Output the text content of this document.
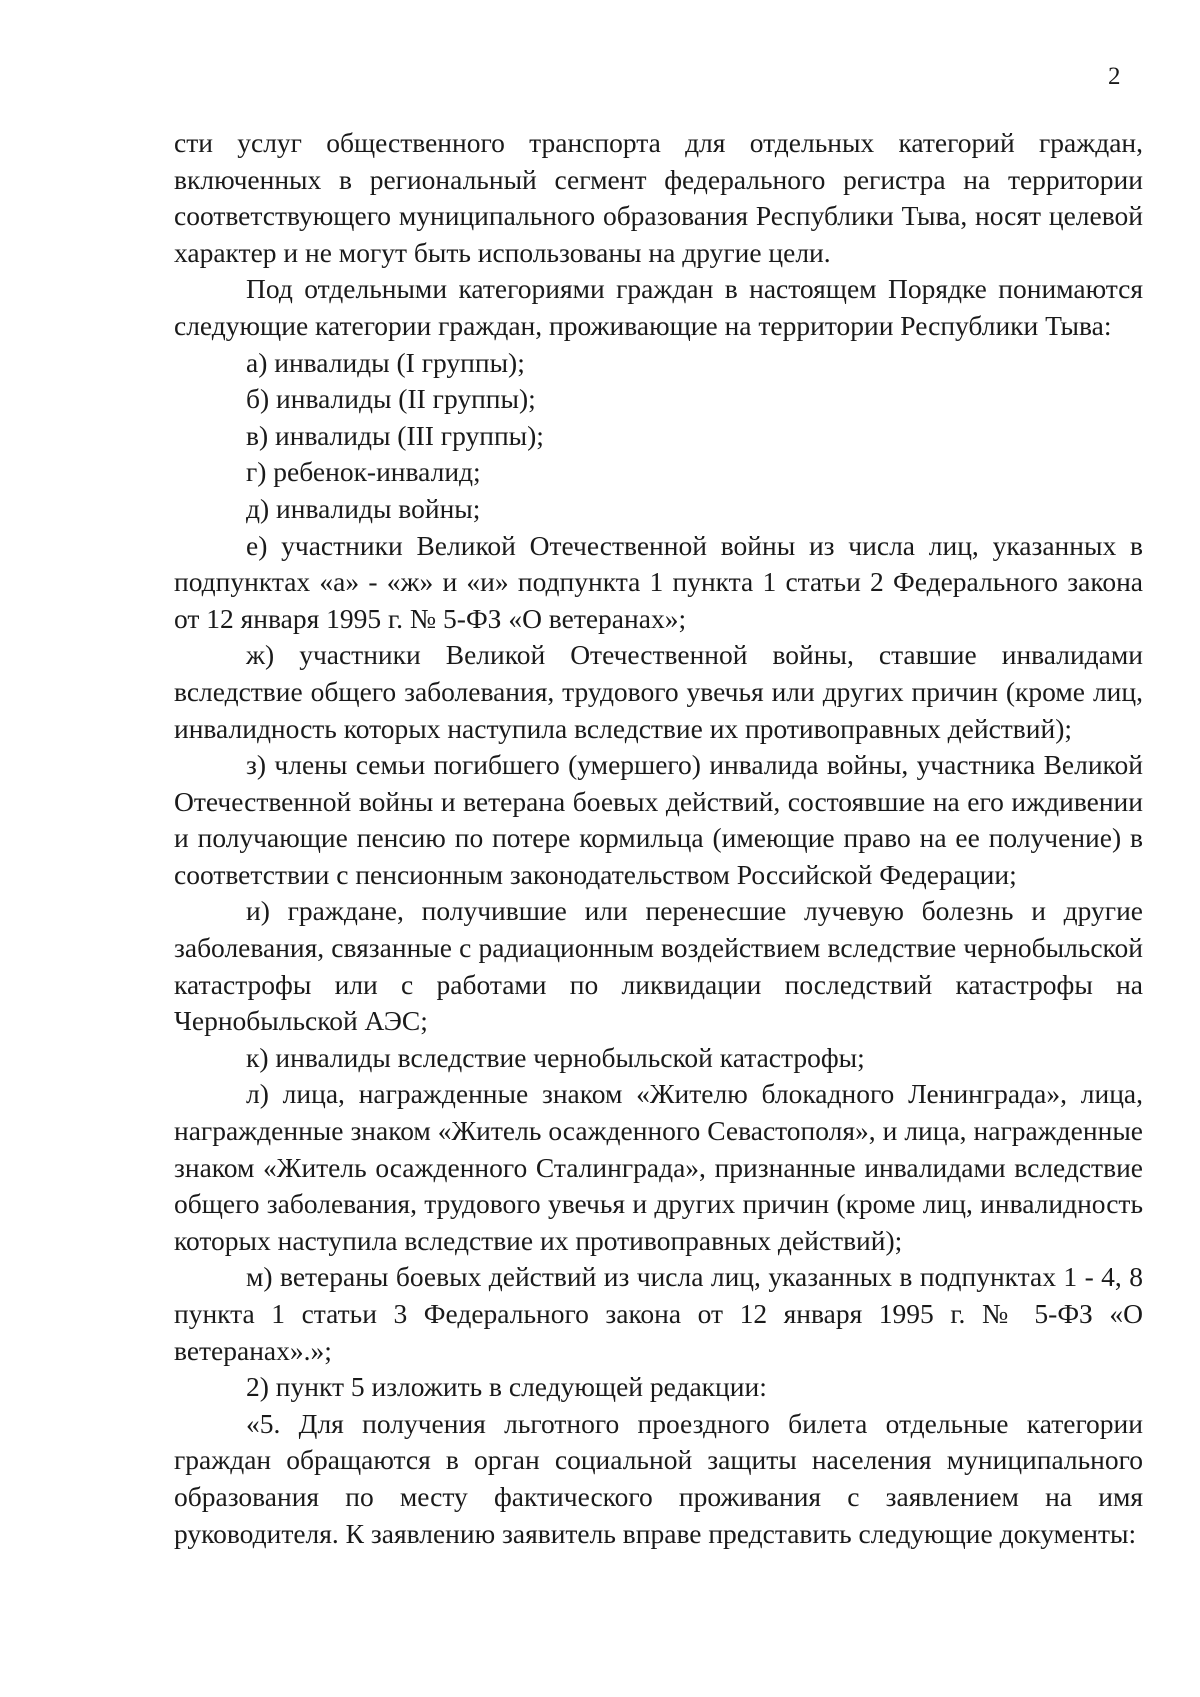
2

сти услуг общественного транспорта для отдельных категорий граждан, включенных в региональный сегмент федерального регистра на территории соответствующего муниципального образования Республики Тыва, носят целевой характер и не могут быть использованы на другие цели.

Под отдельными категориями граждан в настоящем Порядке понимаются следующие категории граждан, проживающие на территории Республики Тыва:

а) инвалиды (I группы);

б) инвалиды (II группы);

в) инвалиды (III группы);

г) ребенок-инвалид;

д) инвалиды войны;

е) участники Великой Отечественной войны из числа лиц, указанных в подпунктах «а» - «ж» и «и» подпункта 1 пункта 1 статьи 2 Федерального закона от 12 января 1995 г. № 5-ФЗ «О ветеранах»;

ж) участники Великой Отечественной войны, ставшие инвалидами вследствие общего заболевания, трудового увечья или других причин (кроме лиц, инвалидность которых наступила вследствие их противоправных действий);

з) члены семьи погибшего (умершего) инвалида войны, участника Великой Отечественной войны и ветерана боевых действий, состоявшие на его иждивении и получающие пенсию по потере кормильца (имеющие право на ее получение) в соответствии с пенсионным законодательством Российской Федерации;

и) граждане, получившие или перенесшие лучевую болезнь и другие заболевания, связанные с радиационным воздействием вследствие чернобыльской катастрофы или с работами по ликвидации последствий катастрофы на Чернобыльской АЭС;

к) инвалиды вследствие чернобыльской катастрофы;

л) лица, награжденные знаком «Жителю блокадного Ленинграда», лица, награжденные знаком «Житель осажденного Севастополя», и лица, награжденные знаком «Житель осажденного Сталинграда», признанные инвалидами вследствие общего заболевания, трудового увечья и других причин (кроме лиц, инвалидность которых наступила вследствие их противоправных действий);

м) ветераны боевых действий из числа лиц, указанных в подпунктах 1 - 4, 8 пункта 1 статьи 3 Федерального закона от 12 января 1995 г. № 5-ФЗ «О ветеранах».»;

2) пункт 5 изложить в следующей редакции:

«5. Для получения льготного проездного билета отдельные категории граждан обращаются в орган социальной защиты населения муниципального образования по месту фактического проживания с заявлением на имя руководителя. К заявлению заявитель вправе представить следующие документы:
